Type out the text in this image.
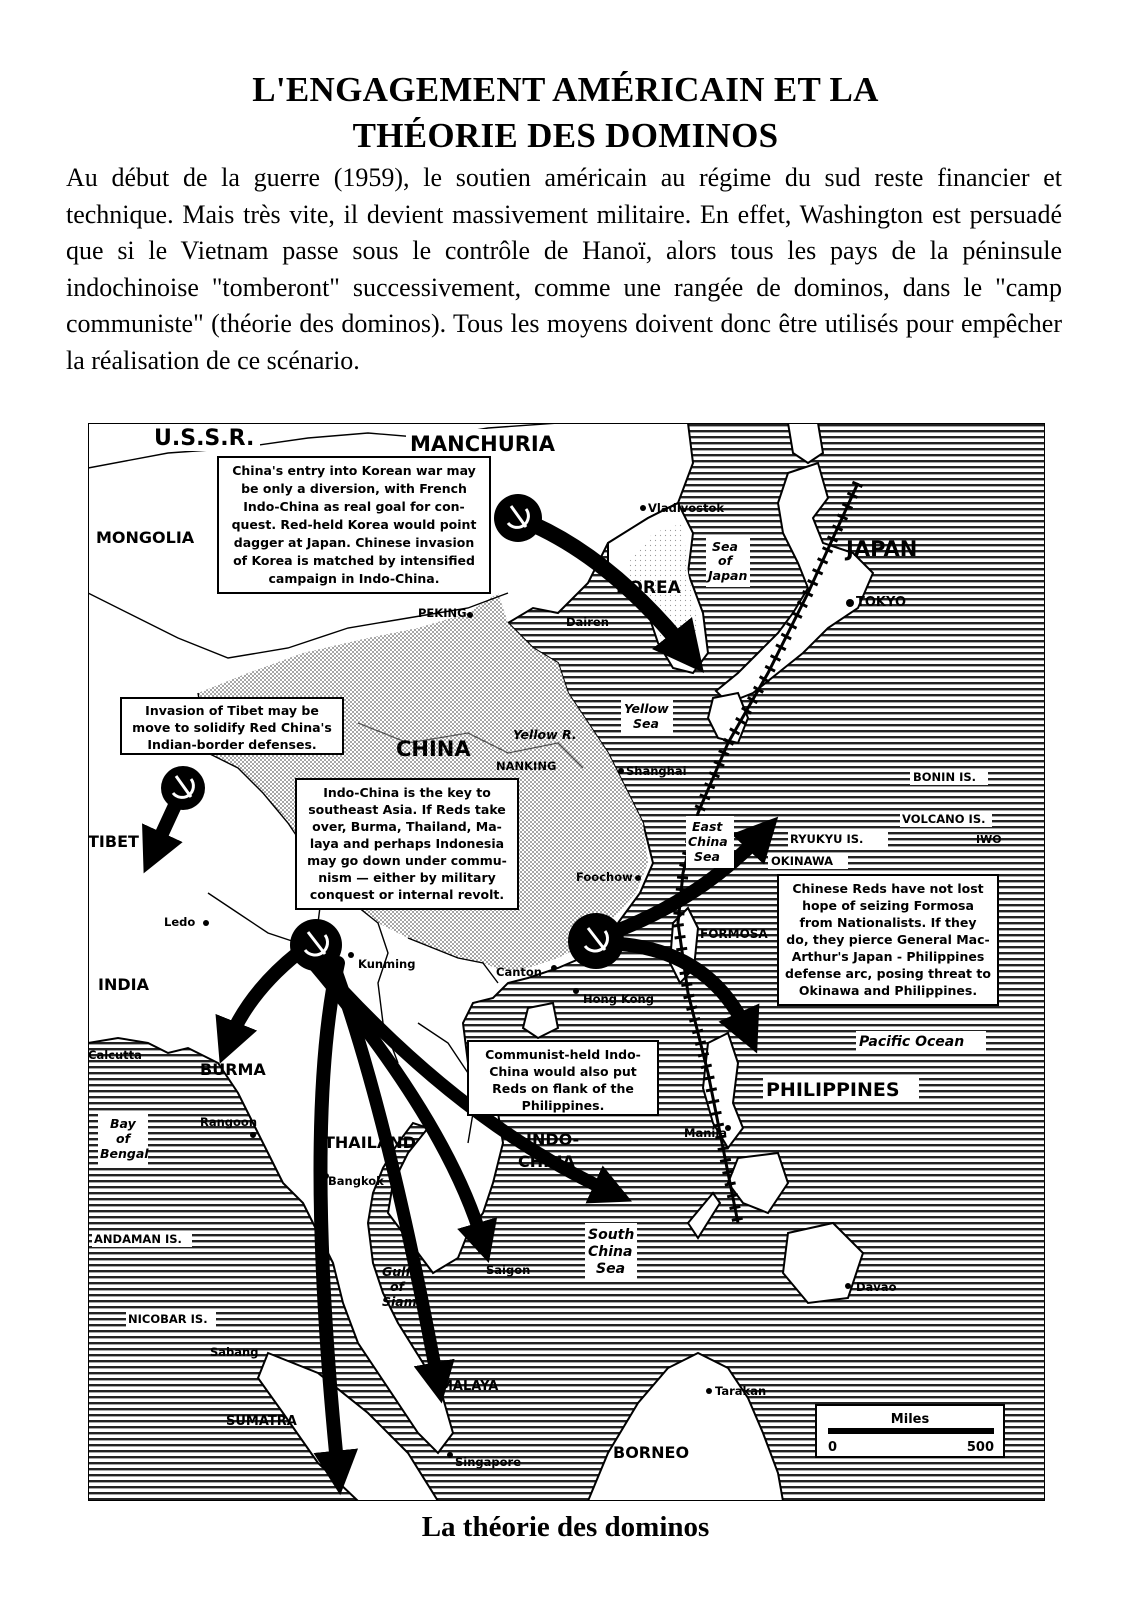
L'ENGAGEMENT AMÉRICAIN ET LA
THÉORIE DES DOMINOS

Au début de la guerre (1959), le soutien américain au régime du sud reste financier et technique. Mais très vite, il devient massivement militaire. En effet, Washington est persuadé que si le Vietnam passe sous le contrôle de Hanoï, alors tous les pays de la péninsule indochinoise "tomberont" successivement, comme une rangée de dominos, dans le "camp communiste" (théorie des dominos). Tous les moyens doivent donc être utilisés pour empêcher la réalisation de ce scénario.

U.S.S.R.	MANCHURIA
MONGOLIA	JAPAN
KOREA
CHINA
TIBET
INDIA
BURMA
THAILAND	INDO-
CHINA
PHILIPPINES
FORMOSA
MALAYA
BORNEO
SUMATRA
Vladivostok
TOKYO
PEKING
Dairen
NANKING	Shanghai
Foochow
Ledo
Kunming
Canton
Hong Kong
Calcutta
Rangoon
Bangkok
Saigon
Manila
Davao
Sabang
Singapore
Tarakan
BONIN IS.
VOLCANO IS.
IWO
RYUKYU IS.
OKINAWA
ANDAMAN IS.
NICOBAR IS.
Sea
of
Japan
Yellow
Sea
Yellow R.
East
China
Sea
Pacific Ocean
Bay
of
Bengal
South
China
Sea
Gulf
of
Siam
China's entry into Korean war may
be only a diversion, with French
Indo-China as real goal for con-
quest. Red-held Korea would point
dagger at Japan. Chinese invasion
of Korea is matched by intensified
campaign in Indo-China.
Invasion of Tibet may be
move to solidify Red China's
Indian-border defenses.
Indo-China is the key to
southeast Asia. If Reds take
over, Burma, Thailand, Ma-
laya and perhaps Indonesia
may go down under commu-
nism — either by military
conquest or internal revolt.	Chinese Reds have not lost
hope of seizing Formosa
from Nationalists. If they
do, they pierce General Mac-
Arthur's Japan - Philippines
defense arc, posing threat to
Okinawa and Philippines.
Communist-held Indo-
China would also put
Reds on flank of the
Philippines.
Miles
0	500
La théorie des dominos
